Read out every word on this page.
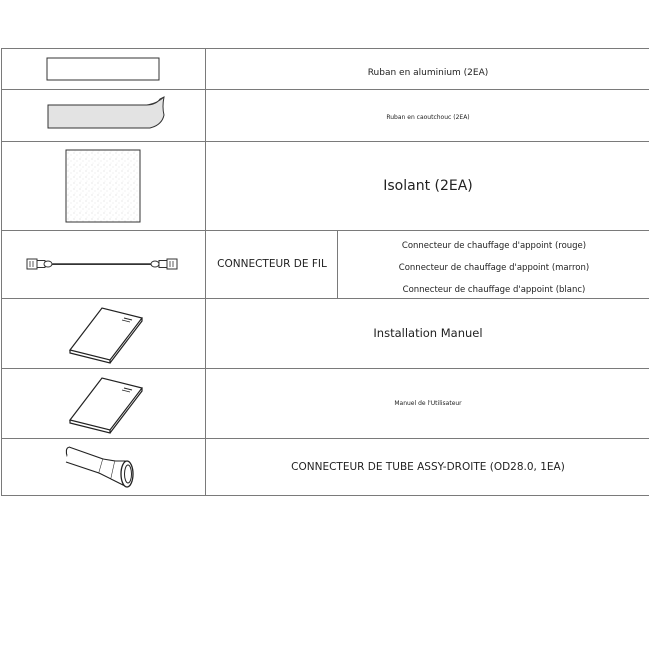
Ruban en aluminium (2EA)
Ruban en caoutchouc (2EA)
Isolant (2EA)
CONNECTEUR DE FIL
Connecteur de chauffage d'appoint (rouge)
Connecteur de chauffage d'appoint (marron)
Connecteur de chauffage d'appoint (blanc)
Installation Manuel
Manuel de l'Utilisateur
CONNECTEUR DE TUBE ASSY-DROITE (OD28.0, 1EA)
